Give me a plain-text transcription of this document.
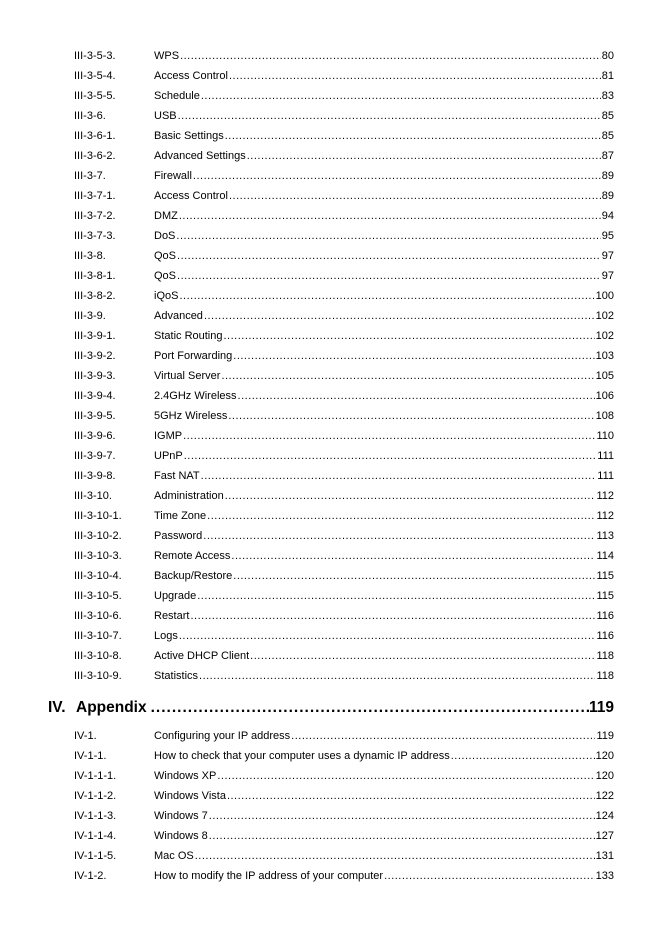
III-3-5-3.	WPS .....	80
III-3-5-4.	Access Control .....	81
III-3-5-5.	Schedule .....	83
III-3-6.	USB .....	85
III-3-6-1.	Basic Settings .....	85
III-3-6-2.	Advanced Settings .....	87
III-3-7.	Firewall .....	89
III-3-7-1.	Access Control .....	89
III-3-7-2.	DMZ .....	94
III-3-7-3.	DoS .....	95
III-3-8.	QoS .....	97
III-3-8-1.	QoS .....	97
III-3-8-2.	iQoS .....	100
III-3-9.	Advanced .....	102
III-3-9-1.	Static Routing .....	102
III-3-9-2.	Port Forwarding .....	103
III-3-9-3.	Virtual Server .....	105
III-3-9-4.	2.4GHz Wireless .....	106
III-3-9-5.	5GHz Wireless .....	108
III-3-9-6.	IGMP .....	110
III-3-9-7.	UPnP .....	111
III-3-9-8.	Fast NAT .....	111
III-3-10.	Administration .....	112
III-3-10-1.	Time Zone .....	112
III-3-10-2.	Password .....	113
III-3-10-3.	Remote Access .....	114
III-3-10-4.	Backup/Restore .....	115
III-3-10-5.	Upgrade .....	115
III-3-10-6.	Restart .....	116
III-3-10-7.	Logs .....	116
III-3-10-8.	Active DHCP Client .....	118
III-3-10-9.	Statistics .....	118
IV. Appendix .....	119
IV-1.	Configuring your IP address .....	119
IV-1-1.	How to check that your computer uses a dynamic IP address .....	120
IV-1-1-1.	Windows XP .....	120
IV-1-1-2.	Windows Vista .....	122
IV-1-1-3.	Windows 7 .....	124
IV-1-1-4.	Windows 8 .....	127
IV-1-1-5.	Mac OS .....	131
IV-1-2.	How to modify the IP address of your computer .....	133
